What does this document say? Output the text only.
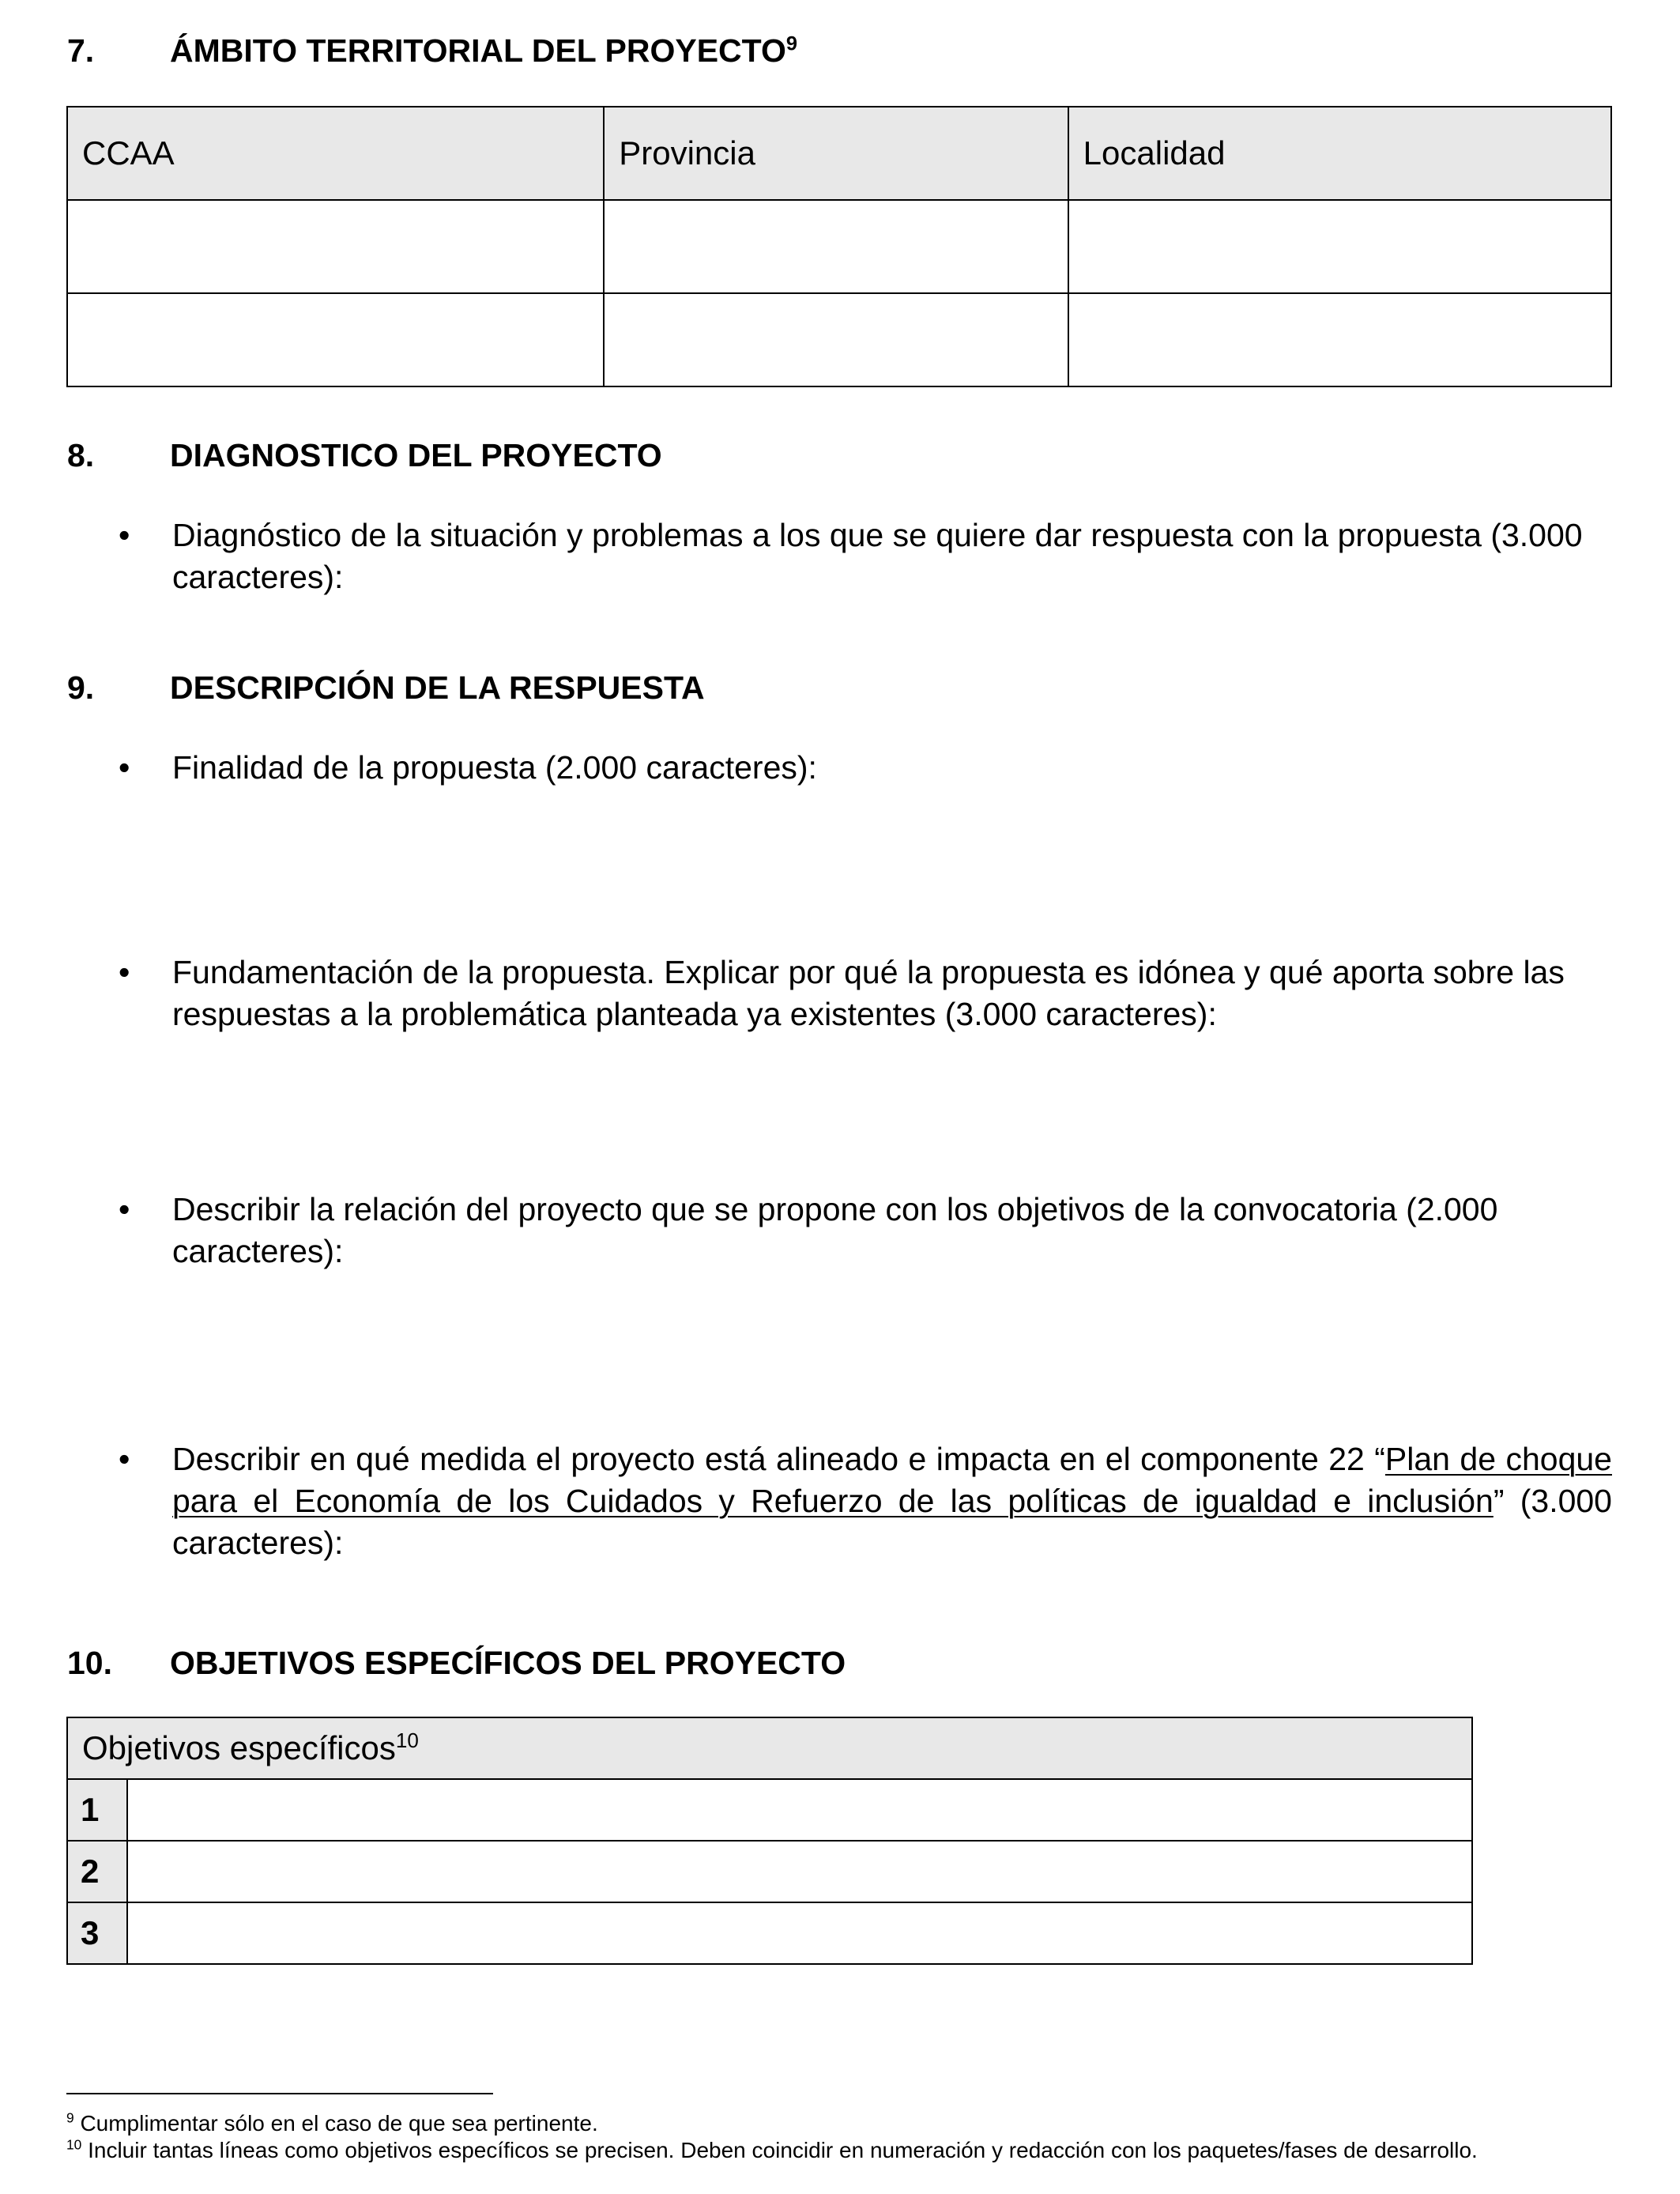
7. ÁMBITO TERRITORIAL DEL PROYECTO$^9$
CCAA	Provincia	Localidad

8. DIAGNOSTICO DEL PROYECTO
• Diagnóstico de la situación y problemas a los que se quiere dar respuesta con la propuesta (3.000 caracteres):
9. DESCRIPCIÓN DE LA RESPUESTA
• Finalidad de la propuesta (2.000 caracteres):
• Fundamentación de la propuesta. Explicar por qué la propuesta es idónea y qué aporta sobre las respuestas a la problemática planteada ya existentes (3.000 caracteres):
• Describir la relación del proyecto que se propone con los objetivos de la convocatoria (2.000 caracteres):
• Describir en qué medida el proyecto está alineado e impacta en el componente 22 “Plan de choque para el Economía de los Cuidados y Refuerzo de las políticas de igualdad e inclusión” (3.000 caracteres):
10. OBJETIVOS ESPECÍFICOS DEL PROYECTO
Objetivos específicos$^{10}$
1	
2	
3	
$^9$ Cumplimentar sólo en el caso de que sea pertinente.
$^{10}$ Incluir tantas líneas como objetivos específicos se precisen. Deben coincidir en numeración y redacción con los paquetes/fases de desarrollo.
